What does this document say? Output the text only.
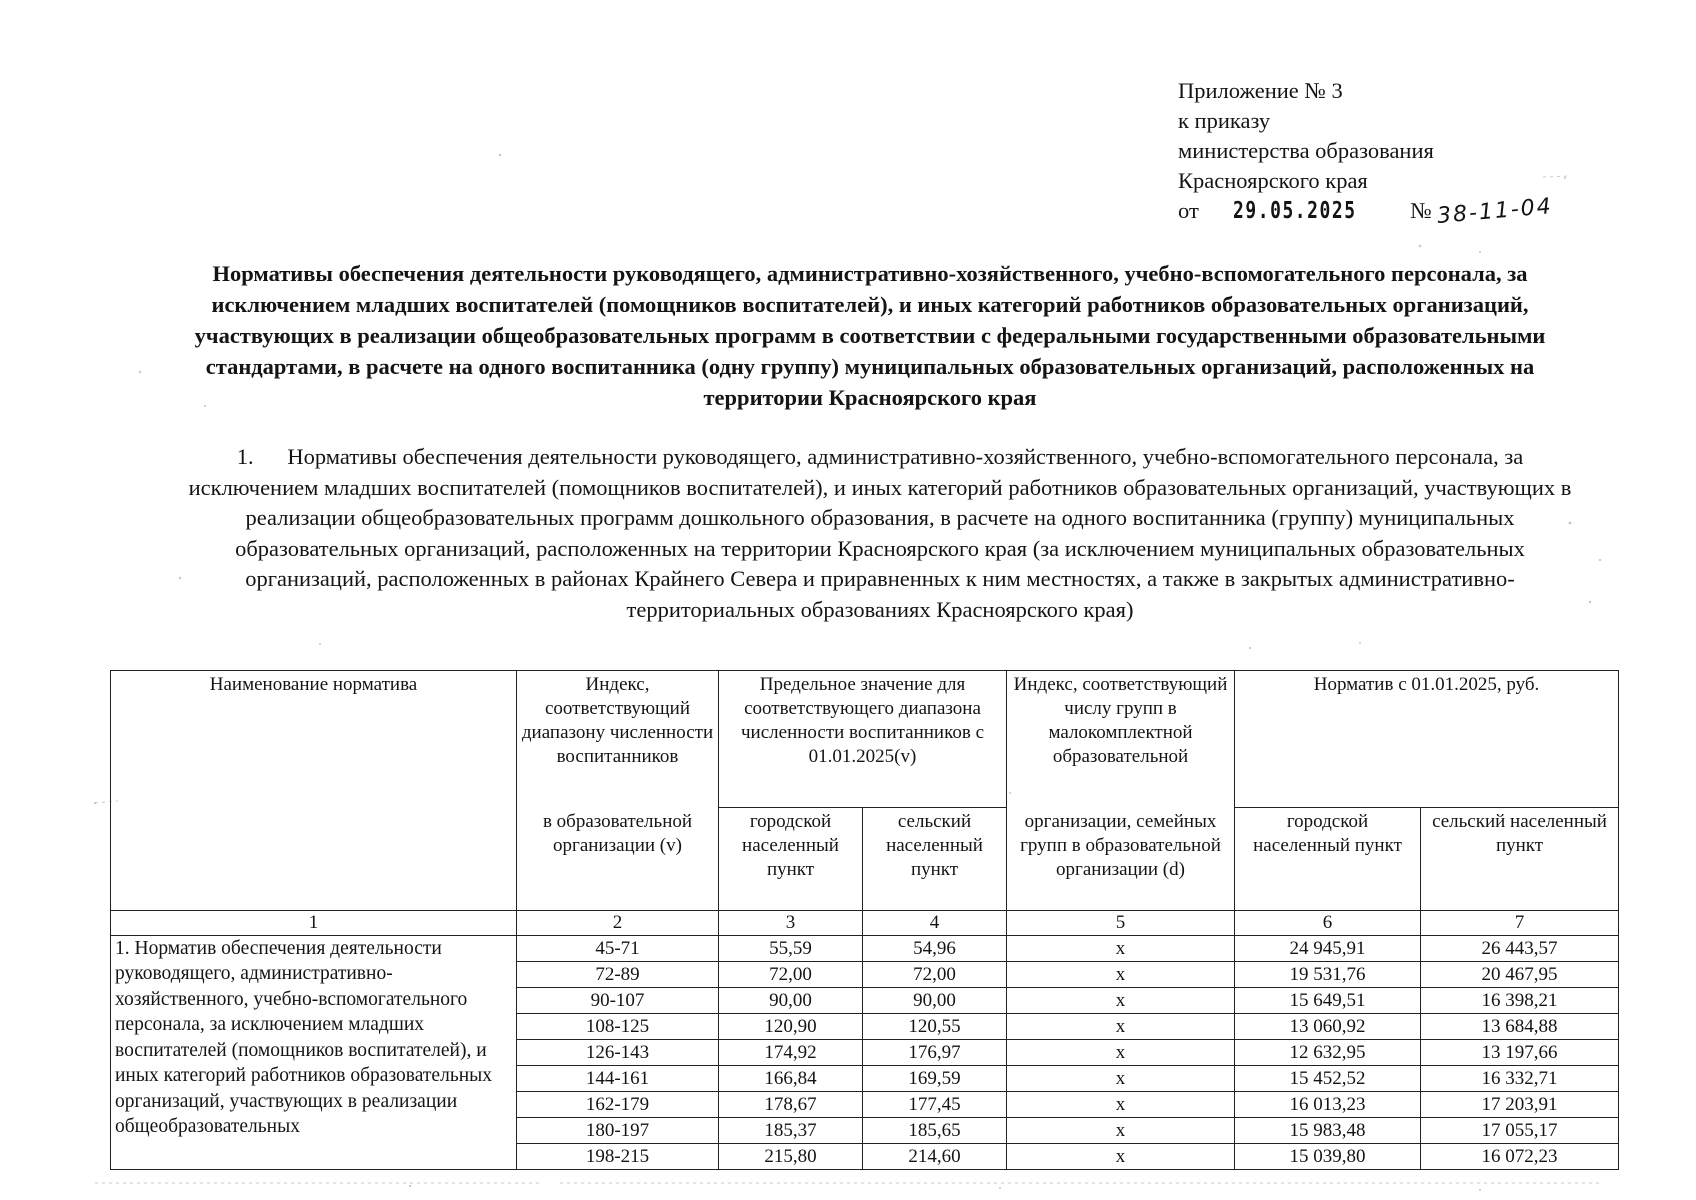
Приложение № 3
к приказу
министерства образования
Красноярского края
от 29.05.2025 № 38-11-04
Нормативы обеспечения деятельности руководящего, административно-хозяйственного, учебно-вспомогательного персонала, за исключением младших воспитателей (помощников воспитателей), и иных категорий работников образовательных организаций, участвующих в реализации общеобразовательных программ в соответствии с федеральными государственными образовательными стандартами, в расчете на одного воспитанника (одну группу) муниципальных образовательных организаций, расположенных на территории Красноярского края
1. Нормативы обеспечения деятельности руководящего, административно-хозяйственного, учебно-вспомогательного персонала, за исключением младших воспитателей (помощников воспитателей), и иных категорий работников образовательных организаций, участвующих в реализации общеобразовательных программ дошкольного образования, в расчете на одного воспитанника (группу) муниципальных образовательных организаций, расположенных на территории Красноярского края (за исключением муниципальных образовательных организаций, расположенных в районах Крайнего Севера и приравненных к ним местностях, а также в закрытых административно-территориальных образованиях Красноярского края)
Наименование норматива	Индекс, соответствующий диапазону численности воспитанников	Предельное значение для соответствующего диапазона численности воспитанников с 01.01.2025(v)		Индекс, соответствующий числу групп в малокомплектной образовательной	Норматив с 01.01.2025, руб.	
	в образовательной организации (v)	городской населенный пункт	сельский населенный пункт	организации, семейных групп в образовательной организации (d)	городской населенный пункт	сельский населенный пункт
1	2	3	4	5	6	7
1. Норматив обеспечения деятельности руководящего, административно-хозяйственного, учебно-вспомогательного персонала, за исключением младших воспитателей (помощников воспитателей), и иных категорий работников образовательных организаций, участвующих в реализации общеобразовательных	45-71	55,59	54,96	x	24 945,91	26 443,57
	72-89	72,00	72,00	x	19 531,76	20 467,95
	90-107	90,00	90,00	x	15 649,51	16 398,21
	108-125	120,90	120,55	x	13 060,92	13 684,88
	126-143	174,92	176,97	x	12 632,95	13 197,66
	144-161	166,84	169,59	x	15 452,52	16 332,71
	162-179	178,67	177,45	x	16 013,23	17 203,91
	180-197	185,37	185,65	x	15 983,48	17 055,17
	198-215	215,80	214,60	x	15 039,80	16 072,23
